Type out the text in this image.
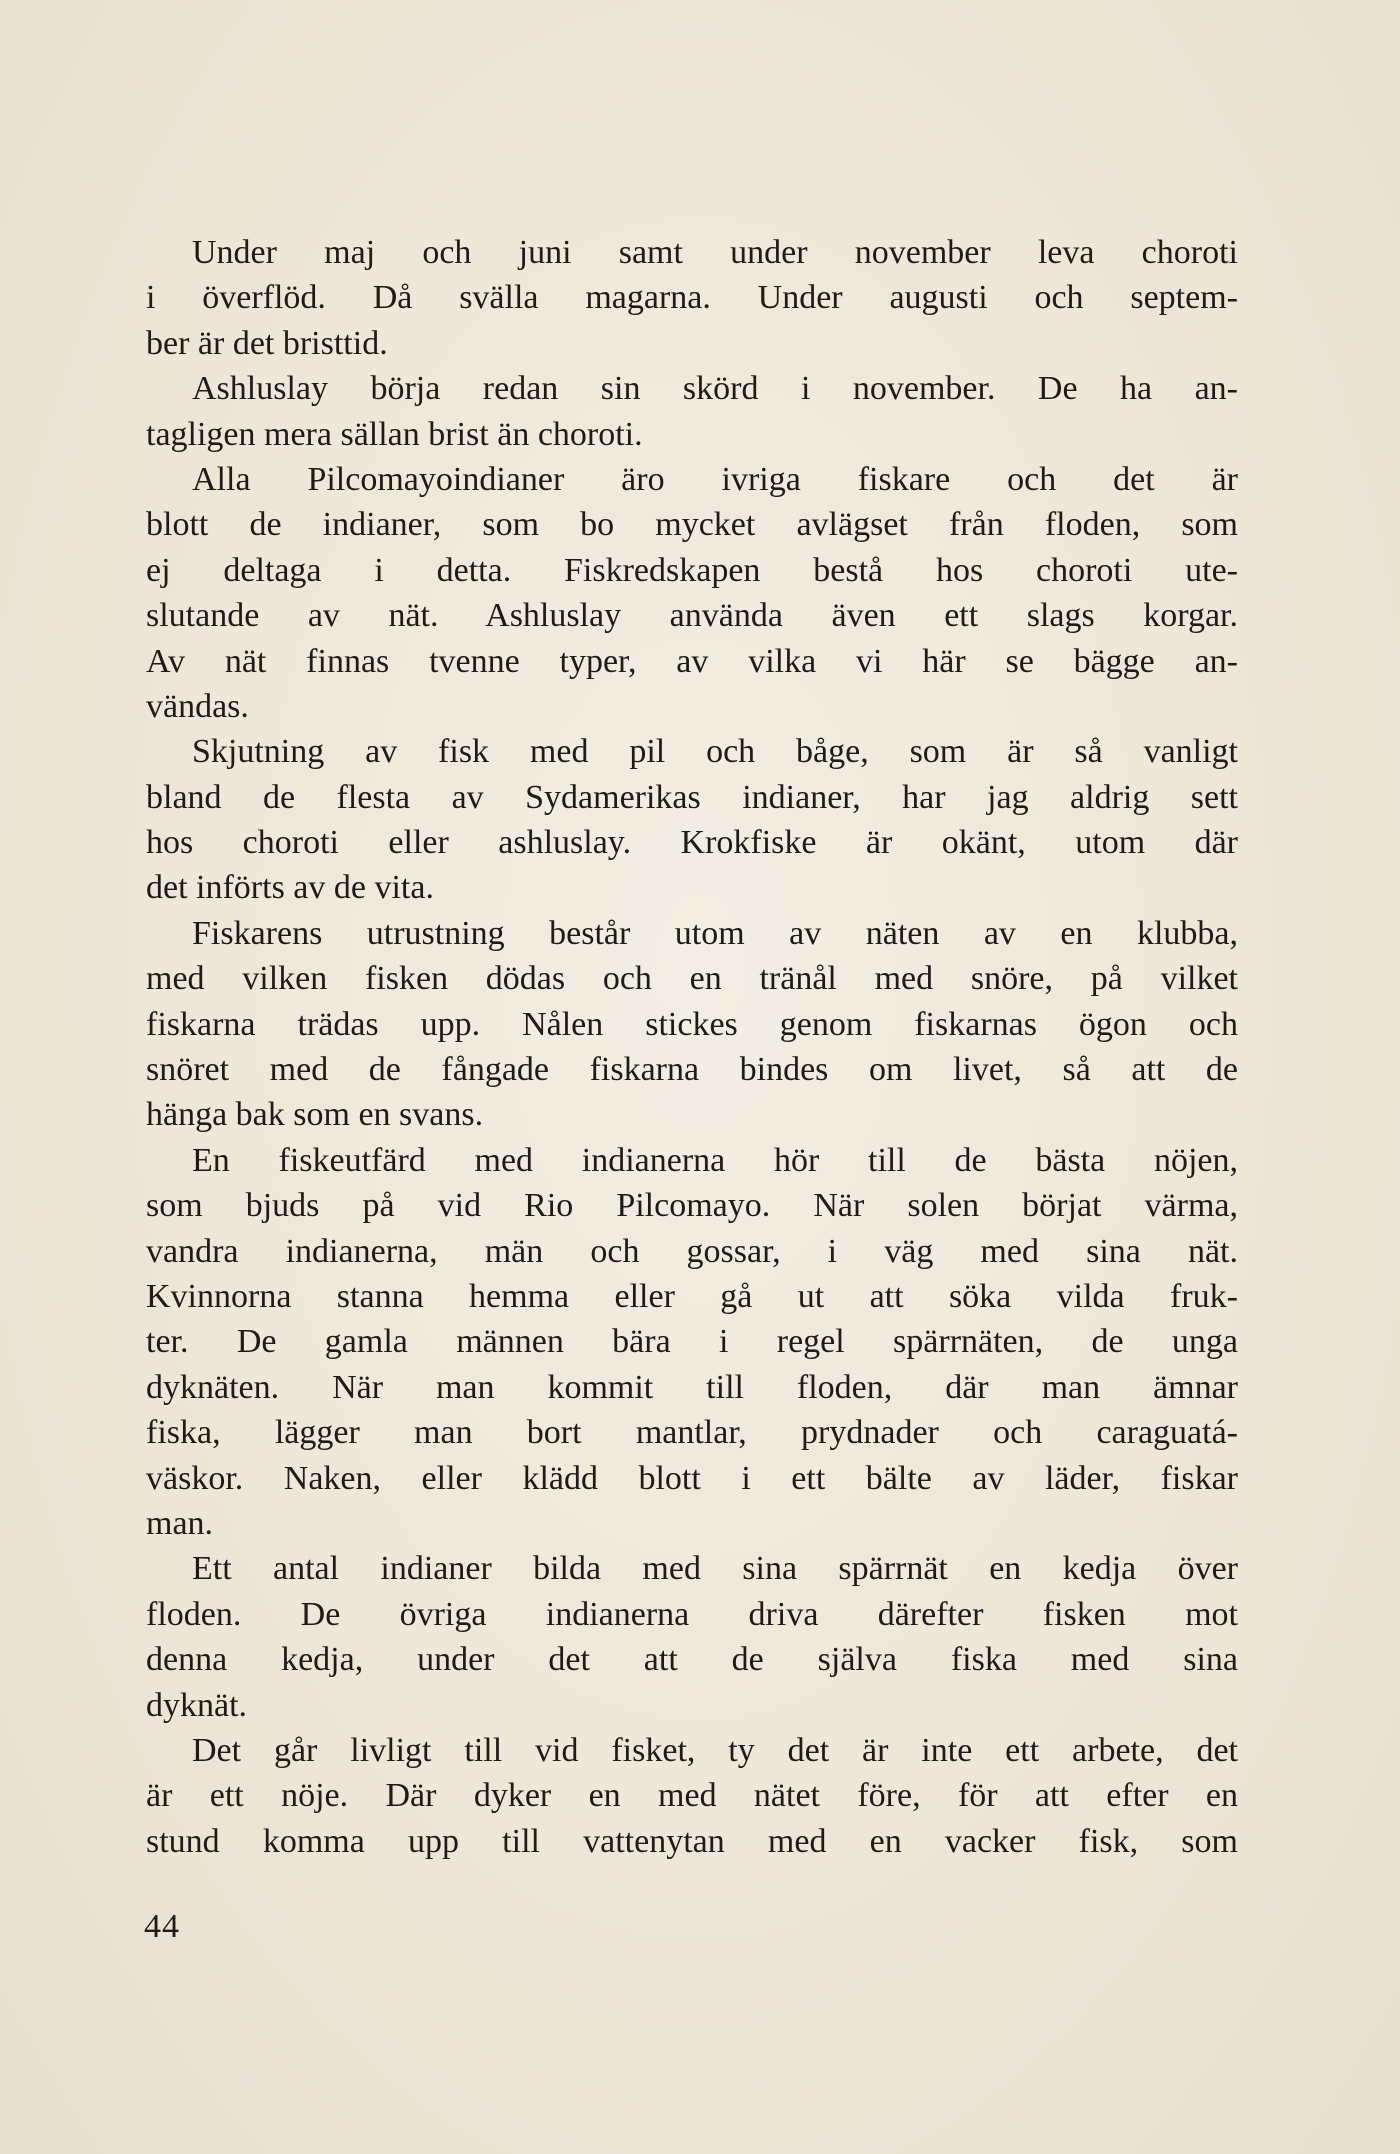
Under maj och juni samt under november leva choroti
i överflöd. Då svälla magarna. Under augusti och septem-
ber är det bristtid.
Ashluslay börja redan sin skörd i november. De ha an-
tagligen mera sällan brist än choroti.
Alla Pilcomayoindianer äro ivriga fiskare och det är
blott de indianer, som bo mycket avlägset från floden, som
ej deltaga i detta. Fiskredskapen bestå hos choroti ute-
slutande av nät. Ashluslay använda även ett slags korgar.
Av nät finnas tvenne typer, av vilka vi här se bägge an-
vändas.
Skjutning av fisk med pil och båge, som är så vanligt
bland de flesta av Sydamerikas indianer, har jag aldrig sett
hos choroti eller ashluslay. Krokfiske är okänt, utom där
det införts av de vita.
Fiskarens utrustning består utom av näten av en klubba,
med vilken fisken dödas och en tränål med snöre, på vilket
fiskarna trädas upp. Nålen stickes genom fiskarnas ögon och
snöret med de fångade fiskarna bindes om livet, så att de
hänga bak som en svans.
En fiskeutfärd med indianerna hör till de bästa nöjen,
som bjuds på vid Rio Pilcomayo. När solen börjat värma,
vandra indianerna, män och gossar, i väg med sina nät.
Kvinnorna stanna hemma eller gå ut att söka vilda fruk-
ter. De gamla männen bära i regel spärrnäten, de unga
dyknäten. När man kommit till floden, där man ämnar
fiska, lägger man bort mantlar, prydnader och caraguatá-
väskor. Naken, eller klädd blott i ett bälte av läder, fiskar
man.
Ett antal indianer bilda med sina spärrnät en kedja över
floden. De övriga indianerna driva därefter fisken mot
denna kedja, under det att de själva fiska med sina
dyknät.
Det går livligt till vid fisket, ty det är inte ett arbete, det
är ett nöje. Där dyker en med nätet före, för att efter en
stund komma upp till vattenytan med en vacker fisk, som
44
